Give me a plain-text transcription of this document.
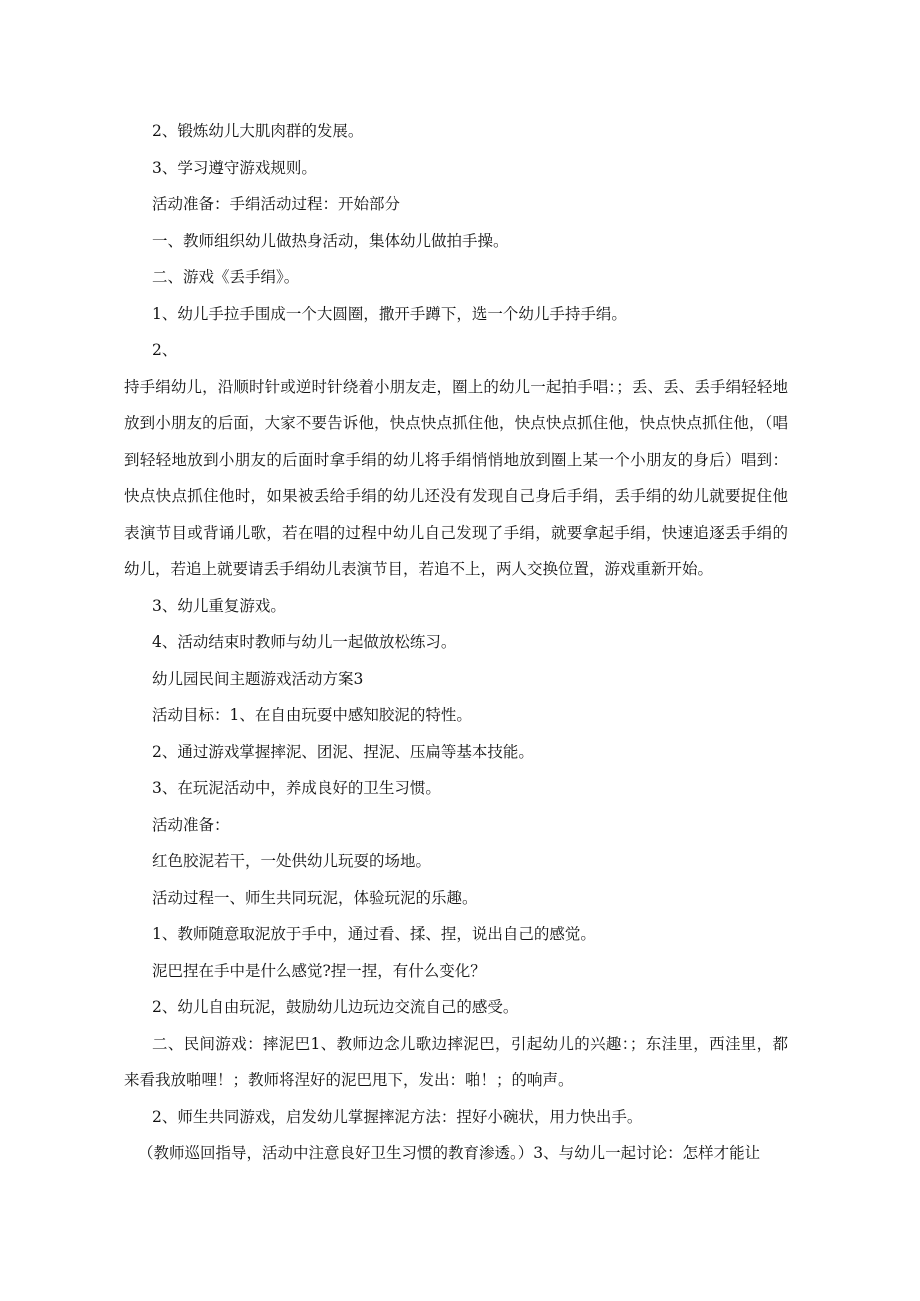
2、锻炼幼儿大肌肉群的发展。

3、学习遵守游戏规则。

活动准备：手绢活动过程：开始部分

一、教师组织幼儿做热身活动，集体幼儿做拍手操。

二、游戏《丢手绢》。

1、幼儿手拉手围成一个大圆圈，撒开手蹲下，选一个幼儿手持手绢。

2、

持手绢幼儿，沿顺时针或逆时针绕着小朋友走，圈上的幼儿一起拍手唱：；丢、丢、丢手绢轻轻地放到小朋友的后面，大家不要告诉他，快点快点抓住他，快点快点抓住他，快点快点抓住他，（唱到轻轻地放到小朋友的后面时拿手绢的幼儿将手绢悄悄地放到圈上某一个小朋友的身后）唱到：快点快点抓住他时，如果被丢给手绢的幼儿还没有发现自己身后手绢，丢手绢的幼儿就要捉住他表演节目或背诵儿歌，若在唱的过程中幼儿自己发现了手绢，就要拿起手绢，快速追逐丢手绢的幼儿，若追上就要请丢手绢幼儿表演节目，若追不上，两人交换位置，游戏重新开始。

3、幼儿重复游戏。

4、活动结束时教师与幼儿一起做放松练习。

幼儿园民间主题游戏活动方案3

活动目标：1、在自由玩耍中感知胶泥的特性。

2、通过游戏掌握摔泥、团泥、捏泥、压扁等基本技能。

3、在玩泥活动中，养成良好的卫生习惯。

活动准备：

红色胶泥若干，一处供幼儿玩耍的场地。

活动过程一、师生共同玩泥，体验玩泥的乐趣。

1、教师随意取泥放于手中，通过看、揉、捏，说出自己的感觉。

泥巴捏在手中是什么感觉?捏一捏，有什么变化？

2、幼儿自由玩泥，鼓励幼儿边玩边交流自己的感受。

二、民间游戏：摔泥巴1、教师边念儿歌边摔泥巴，引起幼儿的兴趣：；东洼里，西洼里，都来看我放啪哩！；教师将涅好的泥巴甩下，发出：啪！；的响声。

2、师生共同游戏，启发幼儿掌握摔泥方法：捏好小碗状，用力快出手。

（教师巡回指导，活动中注意良好卫生习惯的教育渗透。）3、与幼儿一起讨论：怎样才能让
